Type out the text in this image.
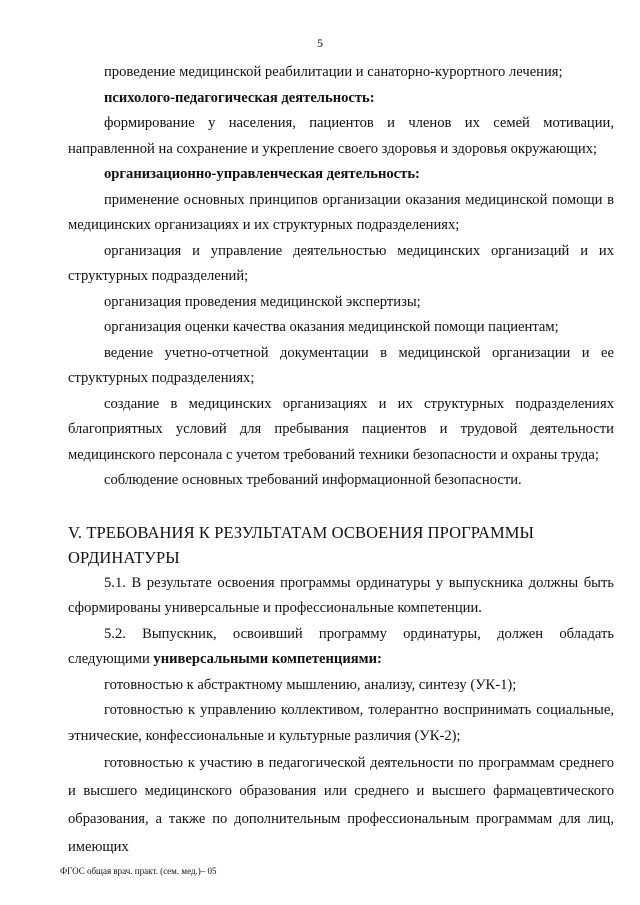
5

проведение медицинской реабилитации и санаторно-курортного лечения;

психолого-педагогическая деятельность:

формирование у населения, пациентов и членов их семей мотивации, направленной на сохранение и укрепление своего здоровья и здоровья окружающих;

организационно-управленческая деятельность:

применение основных принципов организации оказания медицинской помощи в медицинских организациях и их структурных подразделениях;

организация и управление деятельностью медицинских организаций и их структурных подразделений;

организация проведения медицинской экспертизы;

организация оценки качества оказания медицинской помощи пациентам;

ведение учетно-отчетной документации в медицинской организации и ее структурных подразделениях;

создание в медицинских организациях и их структурных подразделениях благоприятных условий для пребывания пациентов и трудовой деятельности медицинского персонала с учетом требований техники безопасности и охраны труда;

соблюдение основных требований информационной безопасности.

V. ТРЕБОВАНИЯ К РЕЗУЛЬТАТАМ ОСВОЕНИЯ ПРОГРАММЫ ОРДИНАТУРЫ

5.1. В результате освоения программы ординатуры у выпускника должны быть сформированы универсальные и профессиональные компетенции.

5.2. Выпускник, освоивший программу ординатуры, должен обладать следующими универсальными компетенциями:

готовностью к абстрактному мышлению, анализу, синтезу (УК-1);

готовностью к управлению коллективом, толерантно воспринимать социальные, этнические, конфессиональные и культурные различия (УК-2);

готовностью к участию в педагогической деятельности по программам среднего и высшего медицинского образования или среднего и высшего фармацевтического образования, а также по дополнительным профессиональным программам для лиц, имеющих

ФГОС общая врач. практ. (сем. мед.)– 05
